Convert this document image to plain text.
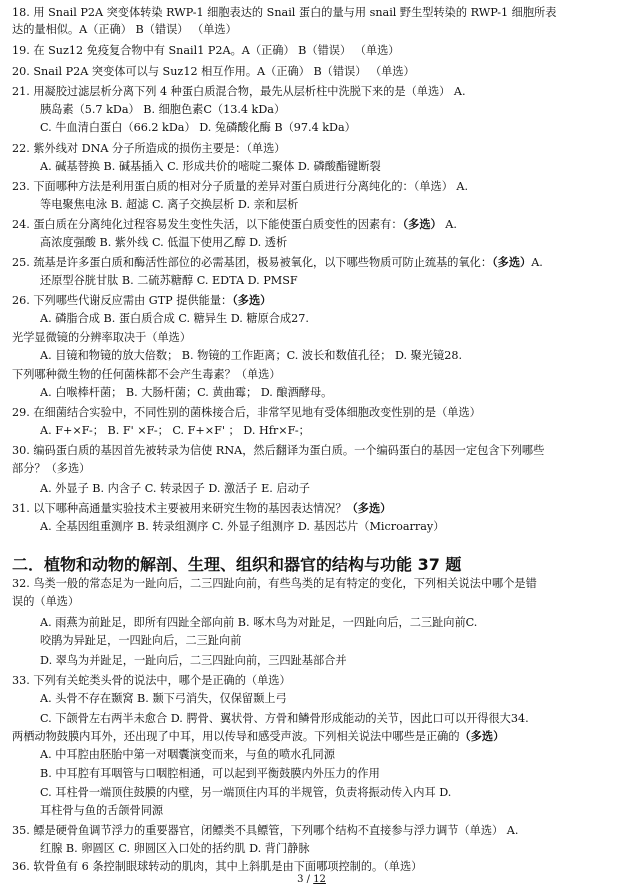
18. 用 Snail P2A 突变体转染 RWP-1 细胞表达的 Snail 蛋白的量与用 snail 野生型转染的 RWP-1 细胞所表
达的量相似。A（正确） B（错误） （单选）
19. 在 Suz12 免疫复合物中有 Snail1 P2A。A（正确） B（错误） （单选）
20. Snail P2A 突变体可以与 Suz12 相互作用。A（正确） B（错误） （单选）
21. 用凝胶过滤层析分离下列 4 种蛋白质混合物，最先从层析柱中洗脱下来的是（单选） A.
胰岛素（5.7 kDa） B. 细胞色素C（13.4 kDa）
C. 牛血清白蛋白（66.2 kDa） D. 兔磷酸化酶 B（97.4 kDa）
22. 紫外线对 DNA 分子所造成的损伤主要是：（单选）
A. 碱基替换 B. 碱基插入 C. 形成共价的嘧啶二聚体 D. 磷酸酯键断裂
23. 下面哪种方法是利用蛋白质的相对分子质量的差异对蛋白质进行分离纯化的：（单选） A.
等电聚焦电泳 B. 超滤 C. 离子交换层析 D. 亲和层析
24. 蛋白质在分离纯化过程容易发生变性失活，以下能使蛋白质变性的因素有：（多选） A.
高浓度强酸 B. 紫外线 C. 低温下使用乙醇 D. 透析
25. 巯基是许多蛋白质和酶活性部位的必需基团，极易被氧化，以下哪些物质可防止巯基的氧化：（多选）A.
还原型谷胱甘肽 B. 二硫苏糖醇 C. EDTA D. PMSF
26. 下列哪些代谢反应需由 GTP 提供能量：（多选）
A. 磷脂合成 B. 蛋白质合成 C. 糖异生 D. 糖原合成27.
光学显微镜的分辨率取决于（单选）
A. 目镜和物镜的放大倍数； B. 物镜的工作距离；C. 波长和数值孔径； D. 聚光镜28.
下列哪种微生物的任何菌株都不会产生毒素？（单选）
A. 白喉棒杆菌； B. 大肠杆菌；C. 黄曲霉； D. 酿酒酵母。
29. 在细菌结合实验中，不同性别的菌株接合后，非常罕见地有受体细胞改变性别的是（单选）
A. F+×F-； B. F' ×F-； C. F+×F' ； D. Hfr×F-；
30. 编码蛋白质的基因首先被转录为信使 RNA，然后翻译为蛋白质。一个编码蛋白的基因一定包含下列哪些
部分？（多选）
A. 外显子 B. 内含子 C. 转录因子 D. 激活子 E. 启动子
31. 以下哪种高通量实验技术主要被用来研究生物的基因表达情况？（多选）
A. 全基因组重测序 B. 转录组测序 C. 外显子组测序 D. 基因芯片（Microarray）
二．植物和动物的解剖、生理、组织和器官的结构与功能 37 题
32. 鸟类一般的常态足为一趾向后，二三四趾向前，有些鸟类的足有特定的变化，下列相关说法中哪个是错
误的（单选）
A. 雨燕为前趾足，即所有四趾全部向前 B. 啄木鸟为对趾足，一四趾向后，二三趾向前C.
咬鹃为异趾足，一四趾向后，二三趾向前
D. 翠鸟为并趾足，一趾向后，二三四趾向前，三四趾基部合并
33. 下列有关蛇类头骨的说法中，哪个是正确的（单选）
A. 头骨不存在颞窝 B. 颞下弓消失，仅保留颞上弓
C. 下颌骨左右两半未愈合 D. 腭骨、翼状骨、方骨和鳞骨形成能动的关节，因此口可以开得很大34.
两栖动物鼓膜内耳外，还出现了中耳，用以传导和感受声波。下列相关说法中哪些是正确的（多选）
A. 中耳腔由胚胎中第一对咽囊演变而来，与鱼的喷水孔同源
B. 中耳腔有耳咽管与口咽腔相通，可以起到平衡鼓膜内外压力的作用
C. 耳柱骨一端顶住鼓膜的内壁，另一端顶住内耳的半规管，负责将振动传入内耳 D.
耳柱骨与鱼的舌颌骨同源
35. 鳔是硬骨鱼调节浮力的重要器官，闭鳔类不具鳔管，下列哪个结构不直接参与浮力调节（单选） A.
红腺 B. 卵圆区 C. 卵圆区入口处的括约肌 D. 背门静脉
36. 软骨鱼有 6 条控制眼球转动的肌肉，其中上斜肌是由下面哪项控制的。（单选）
3 / 12
